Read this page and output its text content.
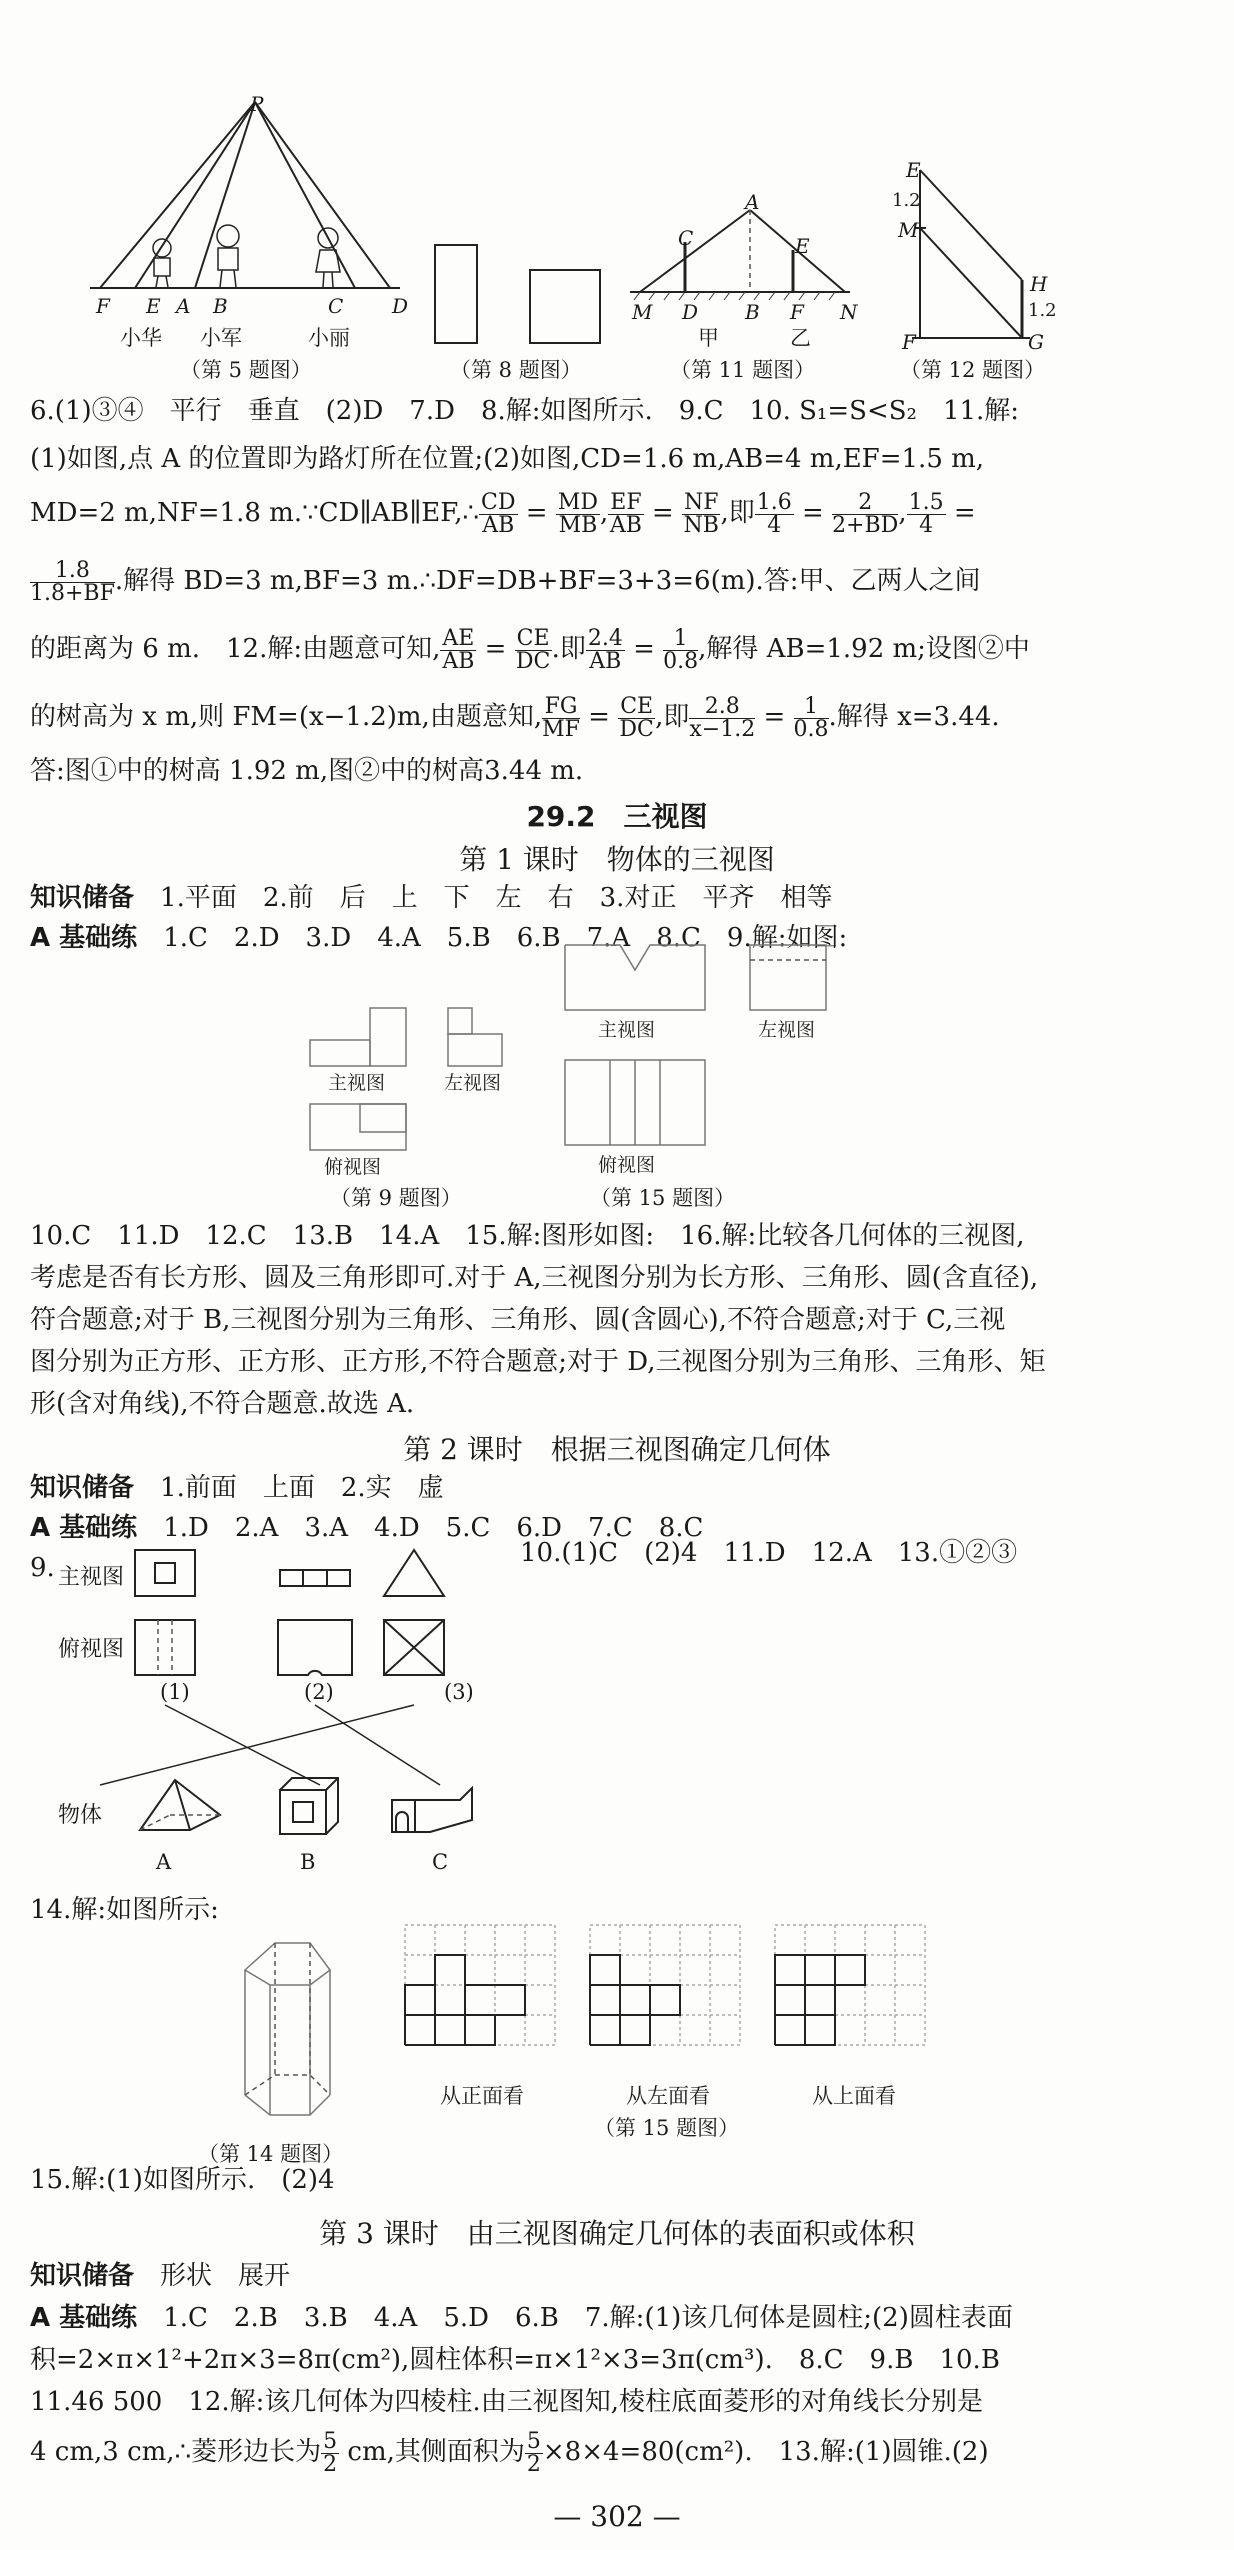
P
F E A B	C D
小华 小军	小丽
（第 5 题图）	（第 8 题图）
A
C	E
M D B F N
甲	乙
（第 11 题图）
E
M
H
F	G
1.2
1.2
（第 12 题图）
6.(1)③④　平行　垂直　(2)D　7.D　8.解:如图所示.　9.C　10. S₁=S<S₂　11.解:
(1)如图,点 A 的位置即为路灯所在位置;(2)如图,CD=1.6 m,AB=4 m,EF=1.5 m,
MD=2 m,NF=1.8 m.∵CD∥AB∥EF,∴ $\frac{CD}{AB} = \frac{MD}{MB}$ , $\frac{EF}{AB} = \frac{NF}{NB}$ ,即 $\frac{1.6}{4} = \frac{2}{2+BD}$ , $\frac{1.5}{4}$ =
$\frac{1.8}{1.8+BF}$ .解得 BD=3 m,BF=3 m.∴DF=DB+BF=3+3=6(m).答:甲、乙两人之间
的距离为 6 m.　12.解:由题意可知, $\frac{AE}{AB} = \frac{CE}{DC}$ .即 $\frac{2.4}{AB} = \frac{1}{0.8}$ ,解得 AB=1.92 m;设图②中
的树高为 x m,则 FM=(x−1.2)m,由题意知, $\frac{FG}{MF} = \frac{CE}{DC}$ ,即 $\frac{2.8}{x-1.2} = \frac{1}{0.8}$ .解得 x=3.44.
答:图①中的树高 1.92 m,图②中的树高3.44 m.
29.2　三视图
第 1 课时　物体的三视图
知识储备　 1.平面　2.前　后　上　下　左　右　3.对正　平齐　相等
A 基础练　 1.C　2.D　3.D　4.A　5.B　6.B　7.A　8.C　9.解:如图:
主视图	左视图
俯视图
（第 9 题图）
主视图	左视图
俯视图
（第 15 题图）
10.C　11.D　12.C　13.B　14.A　15.解:图形如图:　16.解:比较各几何体的三视图,
考虑是否有长方形、圆及三角形即可.对于 A,三视图分别为长方形、三角形、圆(含直径),
符合题意;对于 B,三视图分别为三角形、三角形、圆(含圆心),不符合题意;对于 C,三视
图分别为正方形、正方形、正方形,不符合题意;对于 D,三视图分别为三角形、三角形、矩
形(含对角线),不符合题意.故选 A.
第 2 课时　根据三视图确定几何体
知识储备　 1.前面　上面　2.实　虚
A 基础练　 1.D　2.A　3.A　4.D　5.C　6.D　7.C　8.C
9. 主视图
俯视图
(1)	(2)	(3)
物体
A	B	C
10.(1)C　(2)4　11.D　12.A　13.①②③
14.解:如图所示:
（第 14 题图）
从正面看	从左面看	从上面看
（第 15 题图）
15.解:(1)如图所示.　(2)4
第 3 课时　由三视图确定几何体的表面积或体积
知识储备　 形状　展开
A 基础练　 1.C　2.B　3.B　4.A　5.D　6.B　7.解:(1)该几何体是圆柱;(2)圆柱表面
积=2×π×1²+2π×3=8π(cm²),圆柱体积=π×1²×3=3π(cm³).　8.C　9.B　10.B
11.46 500　12.解:该几何体为四棱柱.由三视图知,棱柱底面菱形的对角线长分别是
4 cm,3 cm,∴菱形边长为 $\frac{5}{2}$ cm,其侧面积为 $\frac{5}{2} \times 8\times 4=80(cm^2)$.　13.解:(1)圆锥.(2)
— 302 —
